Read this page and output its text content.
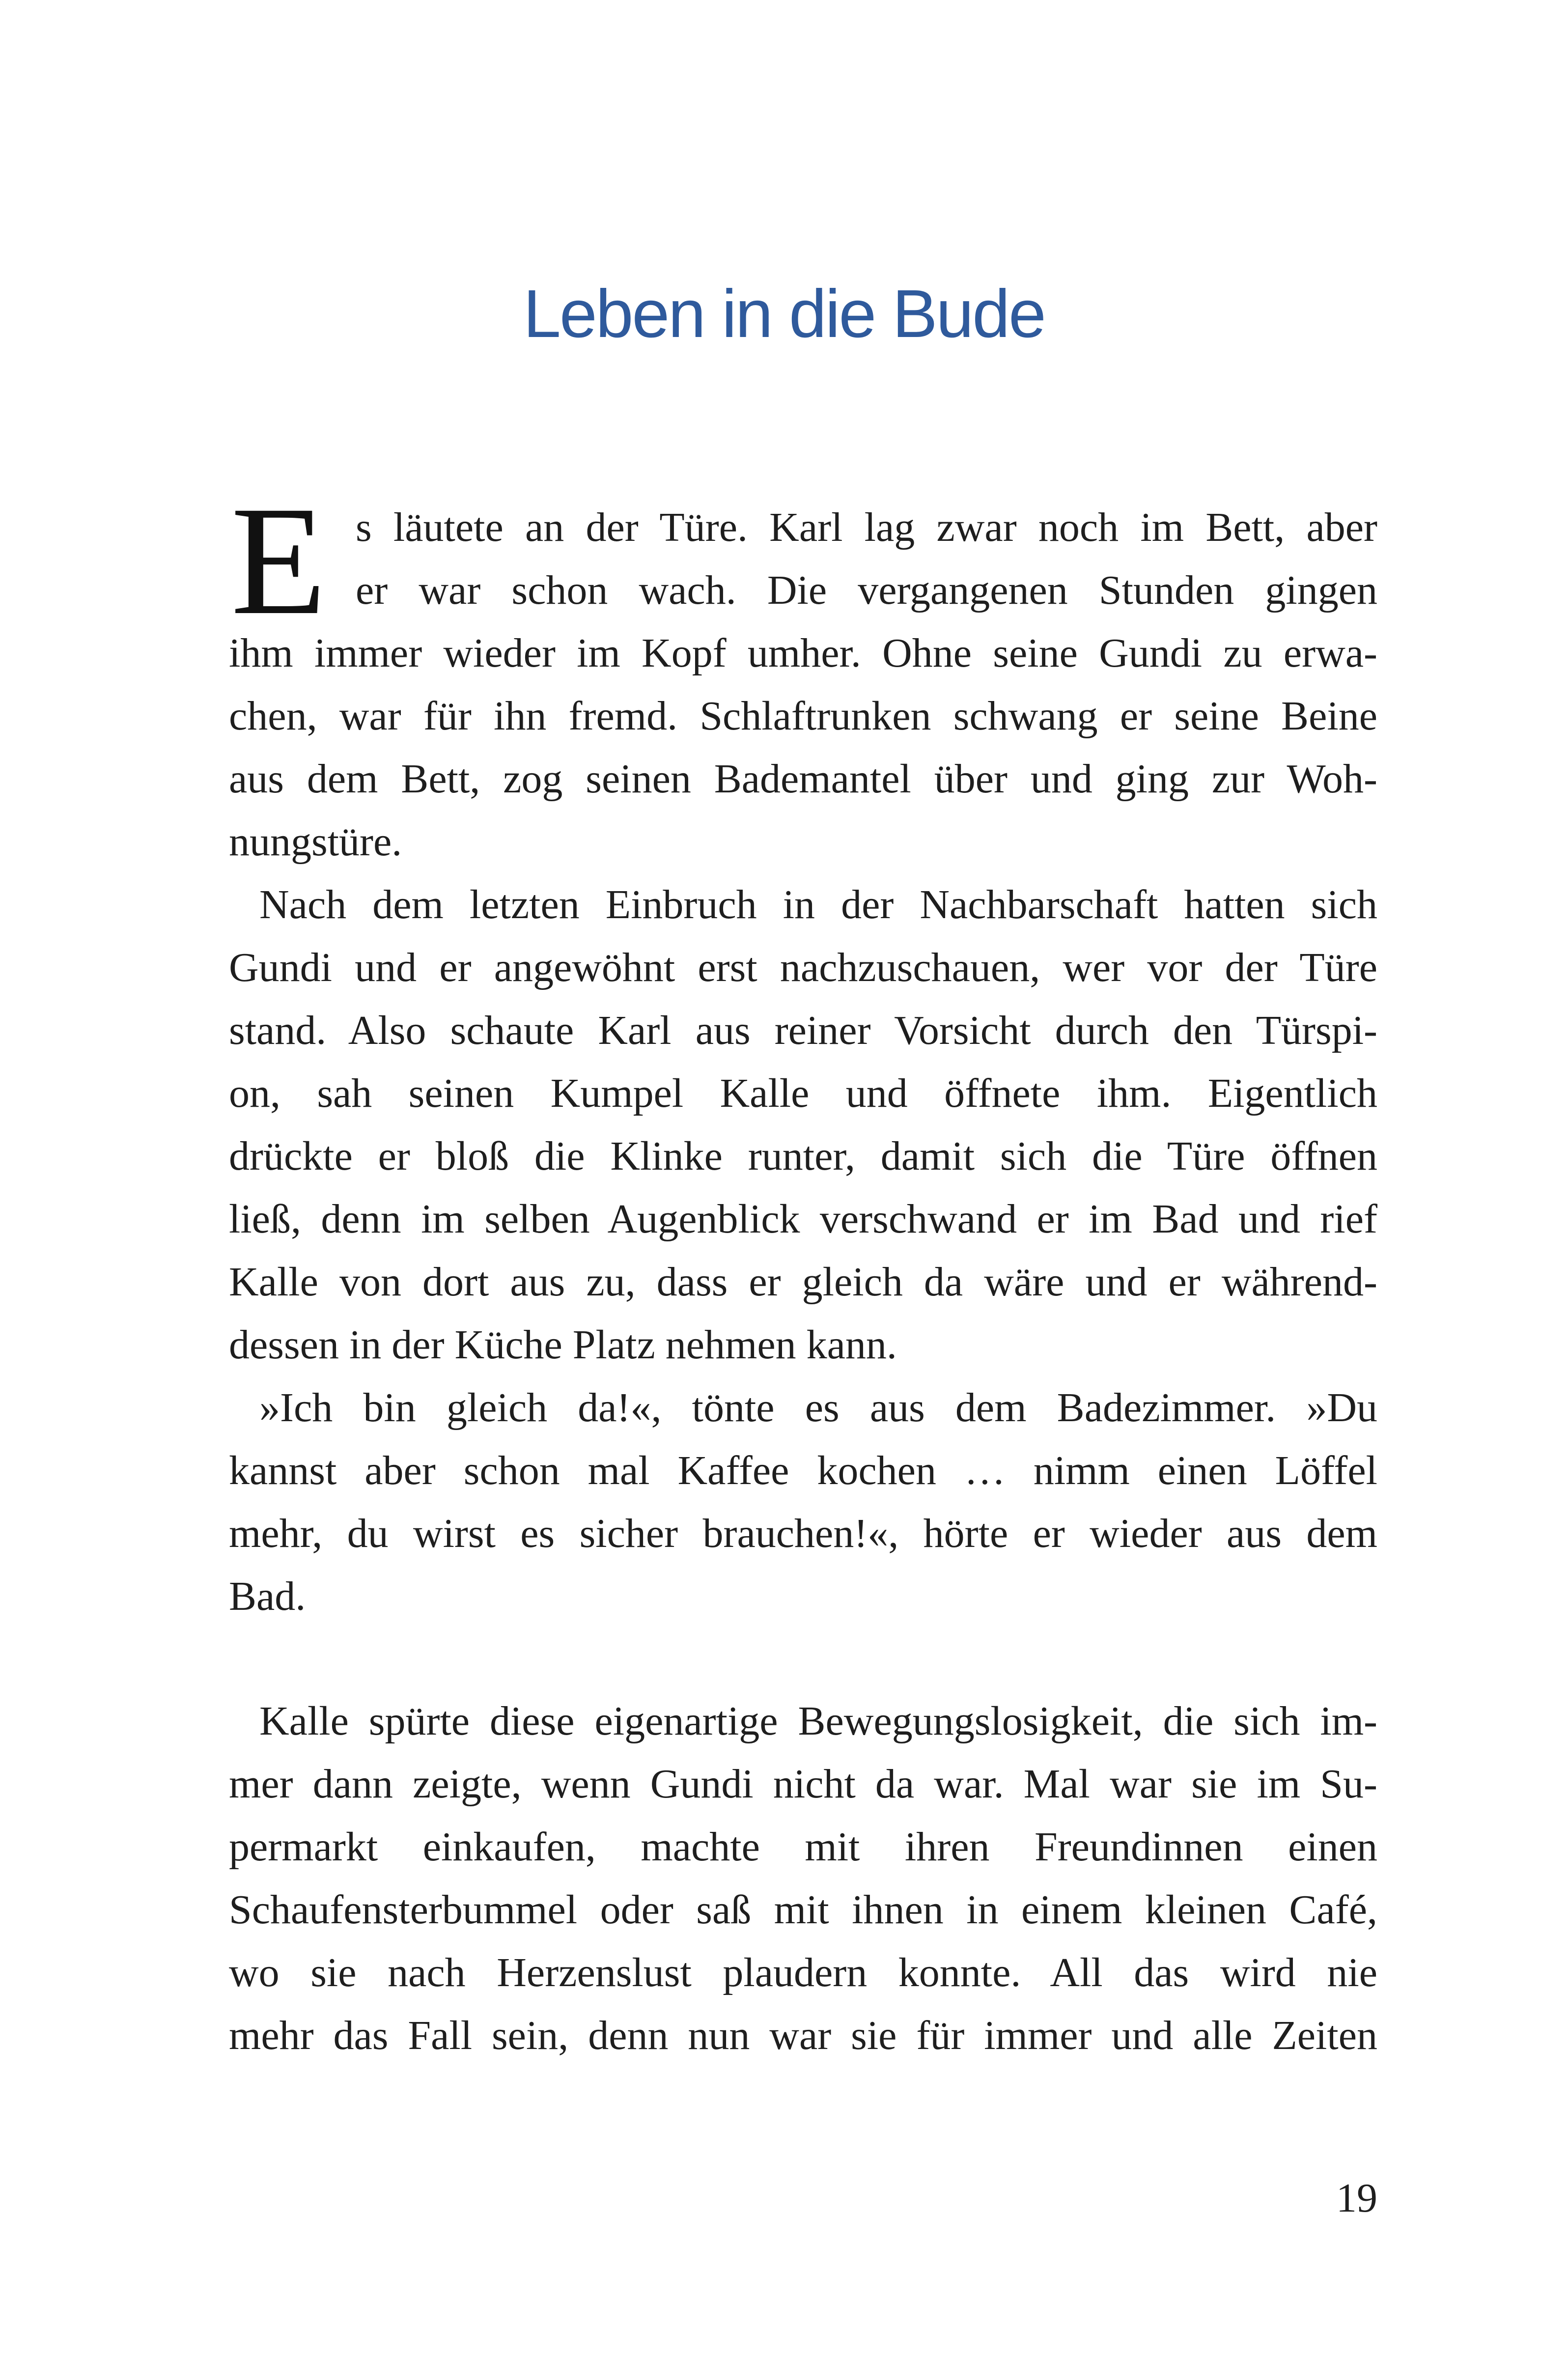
Leben in die Bude
E s läutete an der Türe. Karl lag zwar noch im Bett, aber
er war schon wach. Die vergangenen Stunden gingen
ihm immer wieder im Kopf umher. Ohne seine Gundi zu erwa-
chen, war für ihn fremd. Schlaftrunken schwang er seine Beine
aus dem Bett, zog seinen Bademantel über und ging zur Woh-
nungstüre.
Nach dem letzten Einbruch in der Nachbarschaft hatten sich
Gundi und er angewöhnt erst nachzuschauen, wer vor der Türe
stand. Also schaute Karl aus reiner Vorsicht durch den Türspi-
on, sah seinen Kumpel Kalle und öffnete ihm. Eigentlich
drückte er bloß die Klinke runter, damit sich die Türe öffnen
ließ, denn im selben Augenblick verschwand er im Bad und rief
Kalle von dort aus zu, dass er gleich da wäre und er während-
dessen in der Küche Platz nehmen kann.
»Ich bin gleich da!«, tönte es aus dem Badezimmer. »Du
kannst aber schon mal Kaffee kochen … nimm einen Löffel
mehr, du wirst es sicher brauchen!«, hörte er wieder aus dem
Bad.
Kalle spürte diese eigenartige Bewegungslosigkeit, die sich im-
mer dann zeigte, wenn Gundi nicht da war. Mal war sie im Su-
permarkt einkaufen, machte mit ihren Freundinnen einen
Schaufensterbummel oder saß mit ihnen in einem kleinen Café,
wo sie nach Herzenslust plaudern konnte. All das wird nie
mehr das Fall sein, denn nun war sie für immer und alle Zeiten
19
